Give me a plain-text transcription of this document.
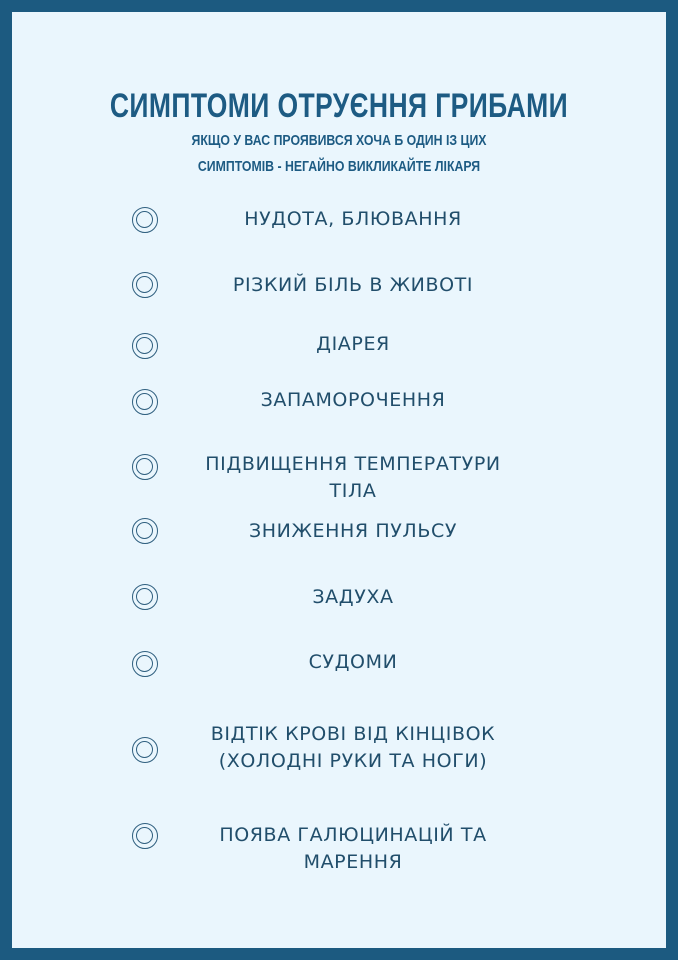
СИМПТОМИ ОТРУЄННЯ ГРИБАМИ
ЯКЩО У ВАС ПРОЯВИВСЯ ХОЧА Б ОДИН ІЗ ЦИХ
СИМПТОМІВ - НЕГАЙНО ВИКЛИКАЙТЕ ЛІКАРЯ
НУДОТА, БЛЮВАННЯ
РІЗКИЙ БІЛЬ В ЖИВОТІ
ДІАРЕЯ
ЗАПАМОРОЧЕННЯ
ПІДВИЩЕННЯ ТЕМПЕРАТУРИ
ТІЛА
ЗНИЖЕННЯ ПУЛЬСУ
ЗАДУХА
СУДОМИ
ВІДТІК КРОВІ ВІД КІНЦІВОК
(ХОЛОДНІ РУКИ ТА НОГИ)
ПОЯВА ГАЛЮЦИНАЦІЙ ТА
МАРЕННЯ
